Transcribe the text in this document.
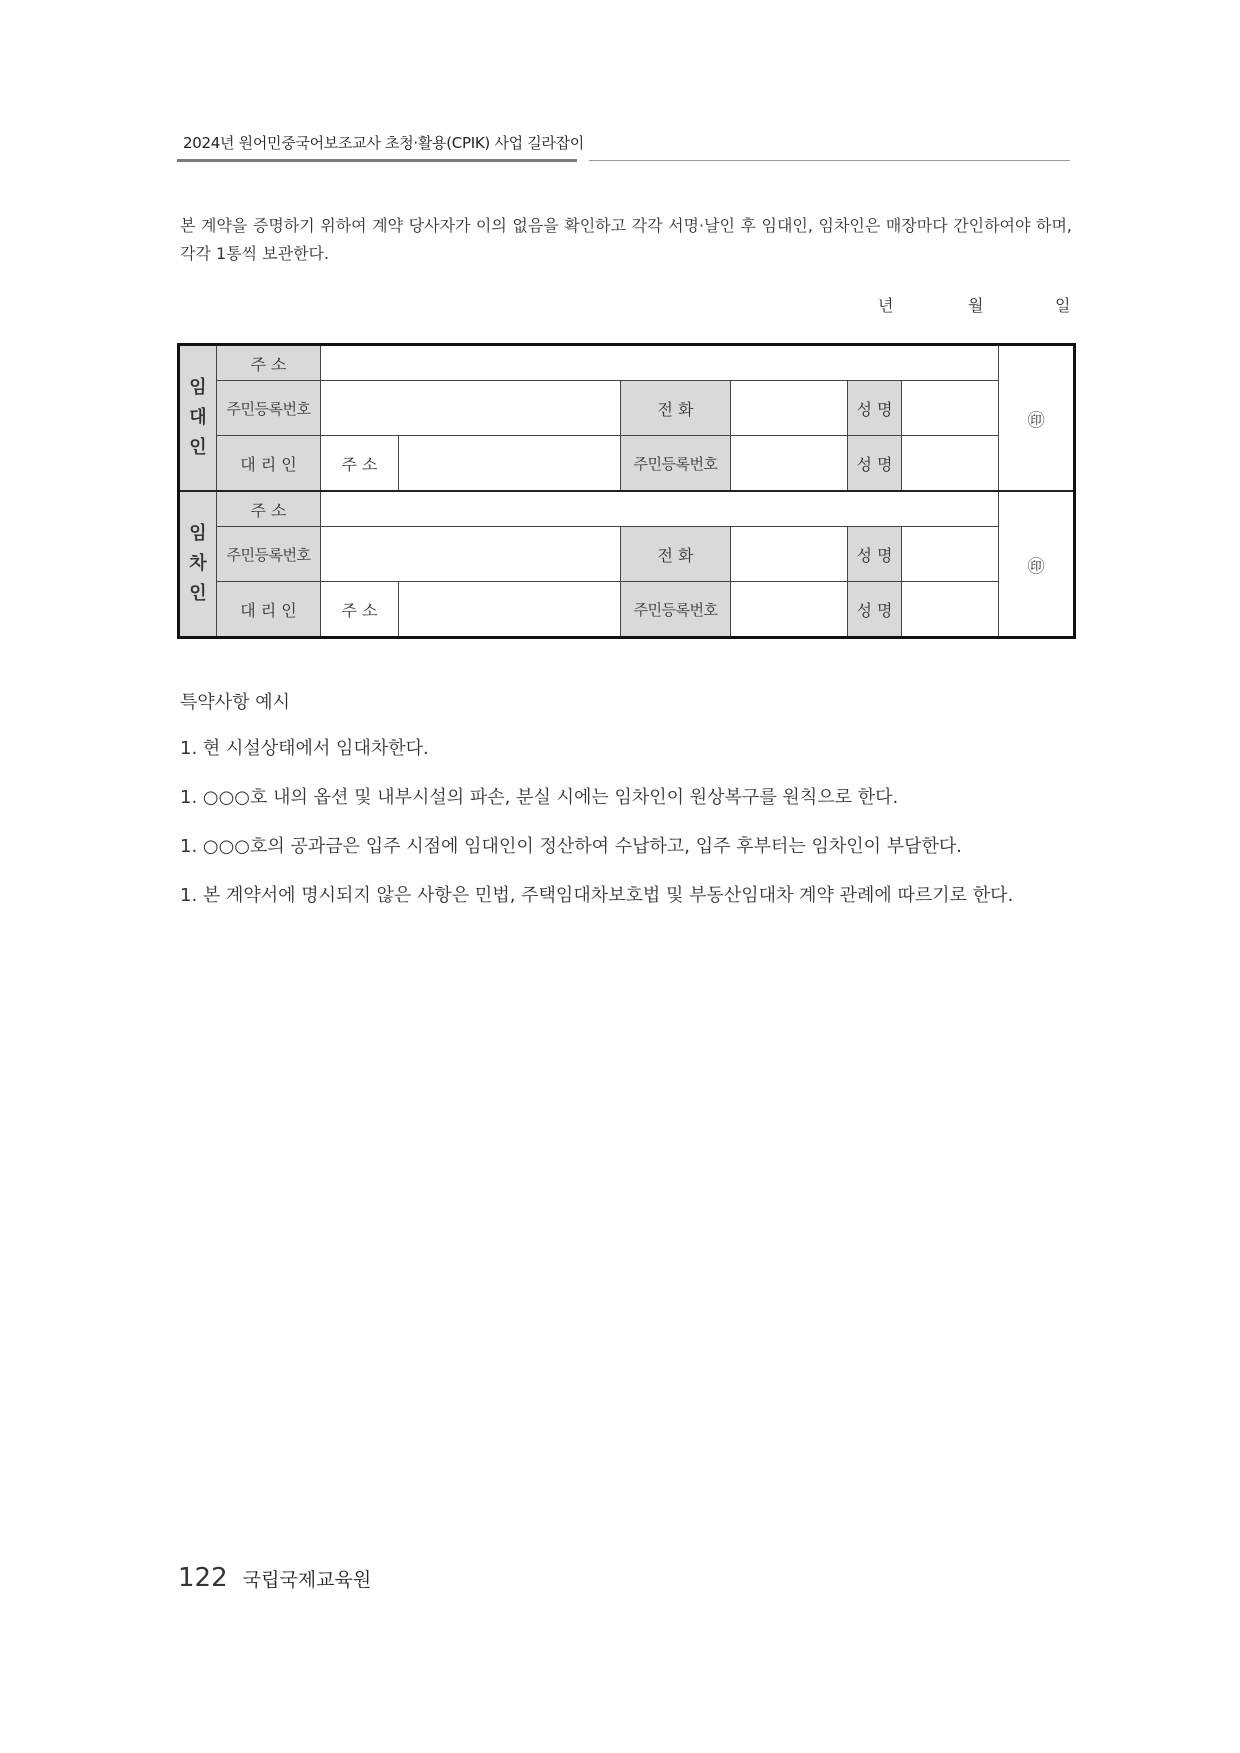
2024년 원어민중국어보조교사 초청·활용(CPIK) 사업 길라잡이
본 계약을 증명하기 위하여 계약 당사자가 이의 없음을 확인하고 각각 서명·날인 후 임대인, 임차인은 매장마다 간인하여야 하며, 각각 1통씩 보관한다.
년	월	일
임
대
인	주 소							㊞
	주민등록번호			전 화		성 명		
	대 리 인	주 소		주민등록번호		성 명		

임
차
인	주 소							㊞
	주민등록번호			전 화		성 명		
	대 리 인	주 소		주민등록번호		성 명		
특약사항 예시
1. 현 시설상태에서 임대차한다.
1. ○○○호 내의 옵션 및 내부시설의 파손, 분실 시에는 임차인이 원상복구를 원칙으로 한다.
1. ○○○호의 공과금은 입주 시점에 임대인이 정산하여 수납하고, 입주 후부터는 임차인이 부담한다.
1. 본 계약서에 명시되지 않은 사항은 민법, 주택임대차보호법 및 부동산임대차 계약 관례에 따르기로 한다.
122 국립국제교육원
